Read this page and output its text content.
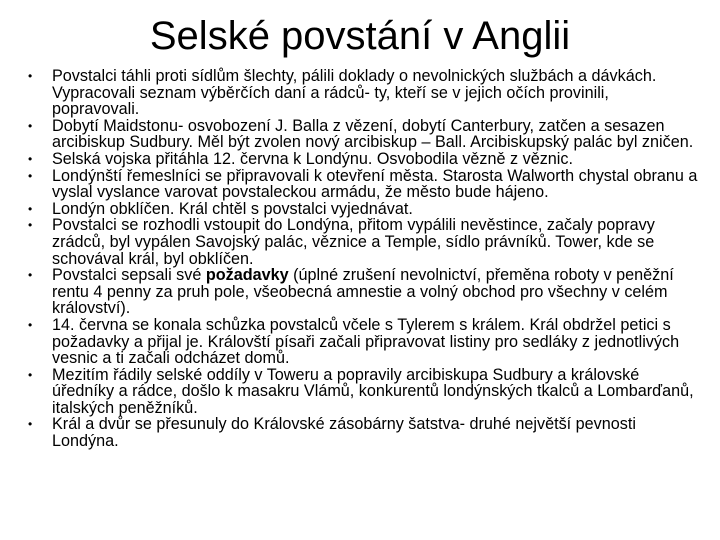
Selské povstání v Anglii
• Povstalci táhli proti sídlům šlechty, pálili doklady o nevolnických službách a dávkách. Vypracovali seznam výběrčích daní a rádců- ty, kteří se v jejich očích provinili, popravovali.
• Dobytí Maidstonu- osvobození J. Balla z vězení, dobytí Canterbury, zatčen a sesazen arcibiskup Sudbury. Měl být zvolen nový arcibiskup – Ball. Arcibiskupský palác byl zničen.
• Selská vojska přitáhla 12. června k Londýnu. Osvobodila vězně z věznic.
• Londýnští řemeslníci se připravovali k otevření města. Starosta Walworth chystal obranu a vyslal vyslance varovat povstaleckou armádu, že město bude hájeno.
• Londýn obklíčen. Král chtěl s povstalci vyjednávat.
• Povstalci se rozhodli vstoupit do Londýna, přitom vypálili nevěstince, začaly popravy zrádců, byl vypálen Savojský palác, věznice a Temple, sídlo právníků. Tower, kde se schovával král, byl obklíčen.
• Povstalci sepsali své požadavky (úplné zrušení nevolnictví, přeměna roboty v peněžní rentu 4 penny za pruh pole, všeobecná amnestie a volný obchod pro všechny v celém království).
• 14. června se konala schůzka povstalců včele s Tylerem s králem. Král obdržel petici s požadavky a přijal je. Královští písaři začali připravovat listiny pro sedláky z jednotlivých vesnic a ti začali odcházet domů.
• Mezitím řádily selské oddíly v Toweru a popravily arcibiskupa Sudbury a královské úředníky a rádce, došlo k masakru Vlámů, konkurentů londýnských tkalců a Lombarďanů, italských peněžníků.
• Král a dvůr se přesunuly do Královské zásobárny šatstva- druhé největší pevnosti Londýna.
